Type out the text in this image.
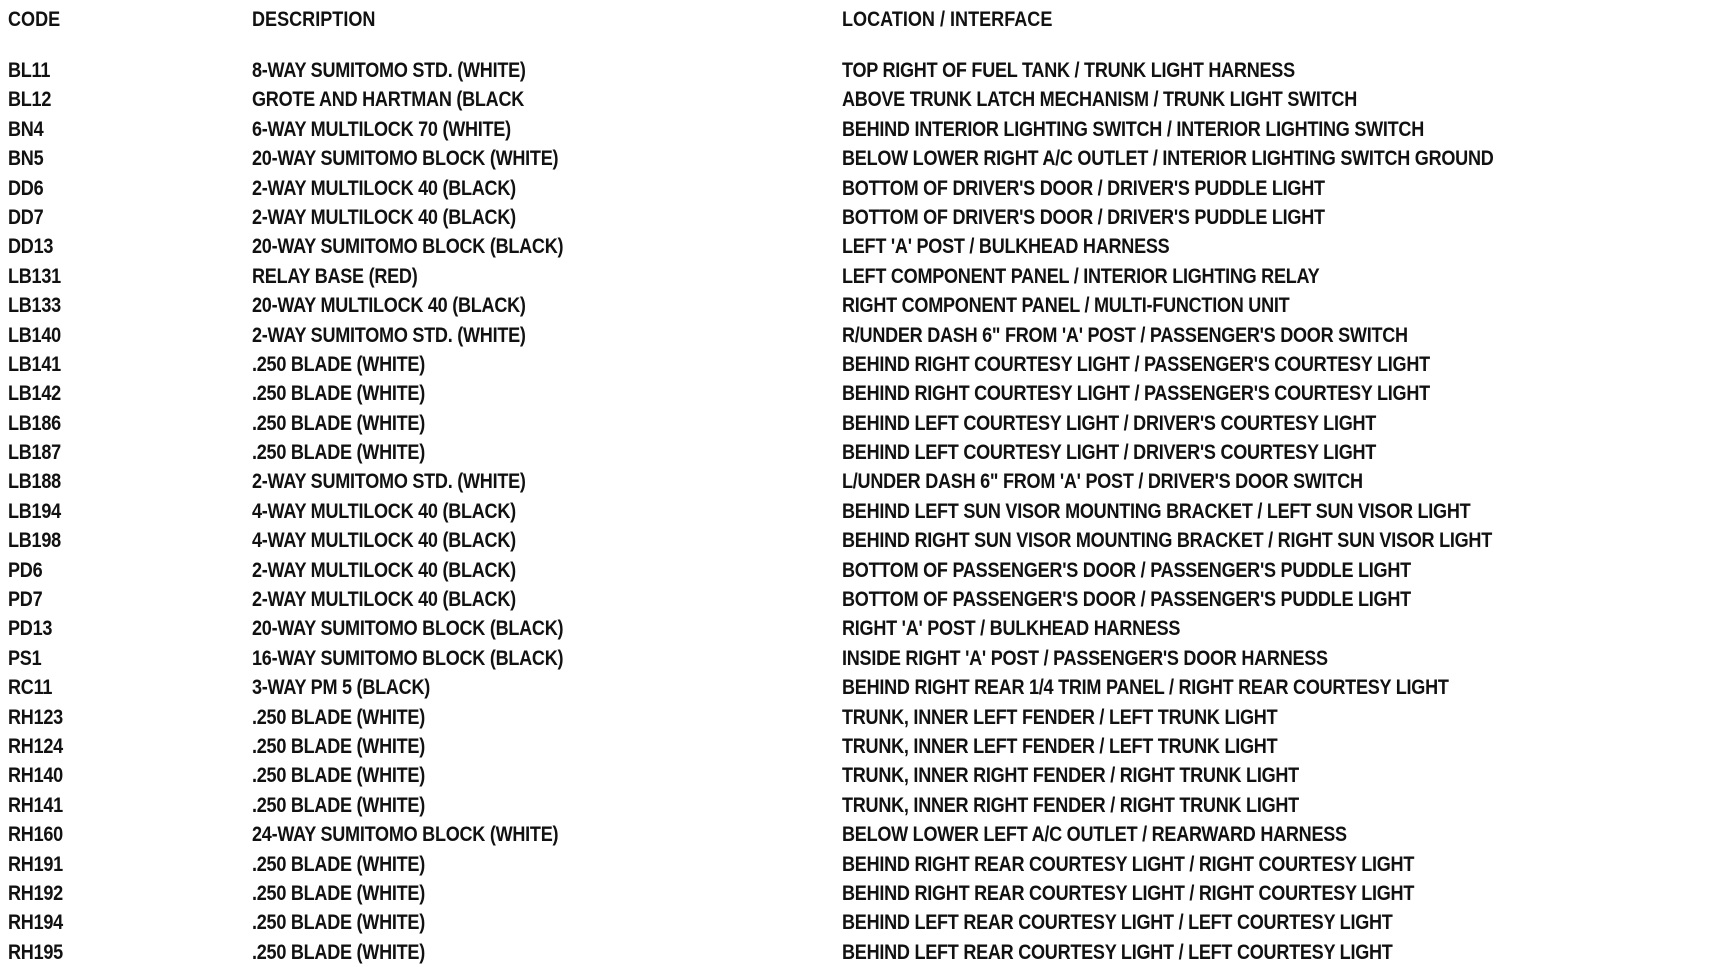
CODE	DESCRIPTION	LOCATION / INTERFACE
BL11	8-WAY SUMITOMO STD. (WHITE)	TOP RIGHT OF FUEL TANK / TRUNK LIGHT HARNESS
BL12	GROTE AND HARTMAN (BLACK	ABOVE TRUNK LATCH MECHANISM / TRUNK LIGHT SWITCH
BN4	6-WAY MULTILOCK 70 (WHITE)	BEHIND INTERIOR LIGHTING SWITCH / INTERIOR LIGHTING SWITCH
BN5	20-WAY SUMITOMO BLOCK (WHITE)	BELOW LOWER RIGHT A/C OUTLET / INTERIOR LIGHTING SWITCH GROUND
DD6	2-WAY MULTILOCK 40 (BLACK)	BOTTOM OF DRIVER'S DOOR / DRIVER'S PUDDLE LIGHT
DD7	2-WAY MULTILOCK 40 (BLACK)	BOTTOM OF DRIVER'S DOOR / DRIVER'S PUDDLE LIGHT
DD13	20-WAY SUMITOMO BLOCK (BLACK)	LEFT 'A' POST / BULKHEAD HARNESS
LB131	RELAY BASE (RED)	LEFT COMPONENT PANEL / INTERIOR LIGHTING RELAY
LB133	20-WAY MULTILOCK 40 (BLACK)	RIGHT COMPONENT PANEL / MULTI-FUNCTION UNIT
LB140	2-WAY SUMITOMO STD. (WHITE)	R/UNDER DASH 6" FROM 'A' POST / PASSENGER'S DOOR SWITCH
LB141	.250 BLADE (WHITE)	BEHIND RIGHT COURTESY LIGHT / PASSENGER'S COURTESY LIGHT
LB142	.250 BLADE (WHITE)	BEHIND RIGHT COURTESY LIGHT / PASSENGER'S COURTESY LIGHT
LB186	.250 BLADE (WHITE)	BEHIND LEFT COURTESY LIGHT / DRIVER'S COURTESY LIGHT
LB187	.250 BLADE (WHITE)	BEHIND LEFT COURTESY LIGHT / DRIVER'S COURTESY LIGHT
LB188	2-WAY SUMITOMO STD. (WHITE)	L/UNDER DASH 6" FROM 'A' POST / DRIVER'S DOOR SWITCH
LB194	4-WAY MULTILOCK 40 (BLACK)	BEHIND LEFT SUN VISOR MOUNTING BRACKET / LEFT SUN VISOR LIGHT
LB198	4-WAY MULTILOCK 40 (BLACK)	BEHIND RIGHT SUN VISOR MOUNTING BRACKET / RIGHT SUN VISOR LIGHT
PD6	2-WAY MULTILOCK 40 (BLACK)	BOTTOM OF PASSENGER'S DOOR / PASSENGER'S PUDDLE LIGHT
PD7	2-WAY MULTILOCK 40 (BLACK)	BOTTOM OF PASSENGER'S DOOR / PASSENGER'S PUDDLE LIGHT
PD13	20-WAY SUMITOMO BLOCK (BLACK)	RIGHT 'A' POST / BULKHEAD HARNESS
PS1	16-WAY SUMITOMO BLOCK (BLACK)	INSIDE RIGHT 'A' POST / PASSENGER'S DOOR HARNESS
RC11	3-WAY PM 5 (BLACK)	BEHIND RIGHT REAR 1/4 TRIM PANEL / RIGHT REAR COURTESY LIGHT
RH123	.250 BLADE (WHITE)	TRUNK, INNER LEFT FENDER / LEFT TRUNK LIGHT
RH124	.250 BLADE (WHITE)	TRUNK, INNER LEFT FENDER / LEFT TRUNK LIGHT
RH140	.250 BLADE (WHITE)	TRUNK, INNER RIGHT FENDER / RIGHT TRUNK LIGHT
RH141	.250 BLADE (WHITE)	TRUNK, INNER RIGHT FENDER / RIGHT TRUNK LIGHT
RH160	24-WAY SUMITOMO BLOCK (WHITE)	BELOW LOWER LEFT A/C OUTLET / REARWARD HARNESS
RH191	.250 BLADE (WHITE)	BEHIND RIGHT REAR COURTESY LIGHT / RIGHT COURTESY LIGHT
RH192	.250 BLADE (WHITE)	BEHIND RIGHT REAR COURTESY LIGHT / RIGHT COURTESY LIGHT
RH194	.250 BLADE (WHITE)	BEHIND LEFT REAR COURTESY LIGHT / LEFT COURTESY LIGHT
RH195	.250 BLADE (WHITE)	BEHIND LEFT REAR COURTESY LIGHT / LEFT COURTESY LIGHT
